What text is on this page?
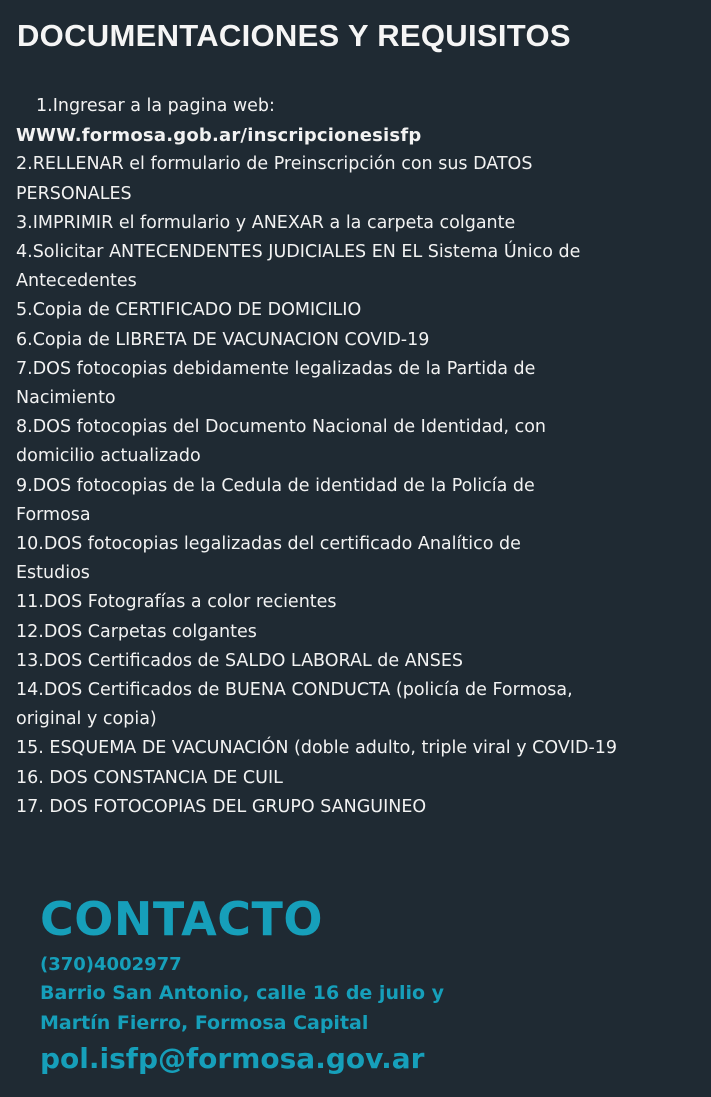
DOCUMENTACIONES Y REQUISITOS
1.Ingresar a la pagina web:
WWW.formosa.gob.ar/inscripcionesisfp
2.RELLENAR el formulario de Preinscripción con sus DATOS
PERSONALES
3.IMPRIMIR el formulario y ANEXAR a la carpeta colgante
4.Solicitar ANTECENDENTES JUDICIALES EN EL Sistema Único de
Antecedentes
5.Copia de CERTIFICADO DE DOMICILIO
6.Copia de LIBRETA DE VACUNACION COVID-19
7.DOS fotocopias debidamente legalizadas de la Partida de
Nacimiento
8.DOS fotocopias del Documento Nacional de Identidad, con
domicilio actualizado
9.DOS fotocopias de la Cedula de identidad de la Policía de
Formosa
10.DOS fotocopias legalizadas del certificado Analítico de
Estudios
11.DOS Fotografías a color recientes
12.DOS Carpetas colgantes
13.DOS Certificados de SALDO LABORAL de ANSES
14.DOS Certificados de BUENA CONDUCTA (policía de Formosa,
original y copia)
15. ESQUEMA DE VACUNACIÓN (doble adulto, triple viral y COVID-19
16. DOS CONSTANCIA DE CUIL
17. DOS FOTOCOPIAS DEL GRUPO SANGUINEO
CONTACTO
(370)4002977
Barrio San Antonio, calle 16 de julio y
Martín Fierro, Formosa Capital
pol.isfp@formosa.gov.ar
